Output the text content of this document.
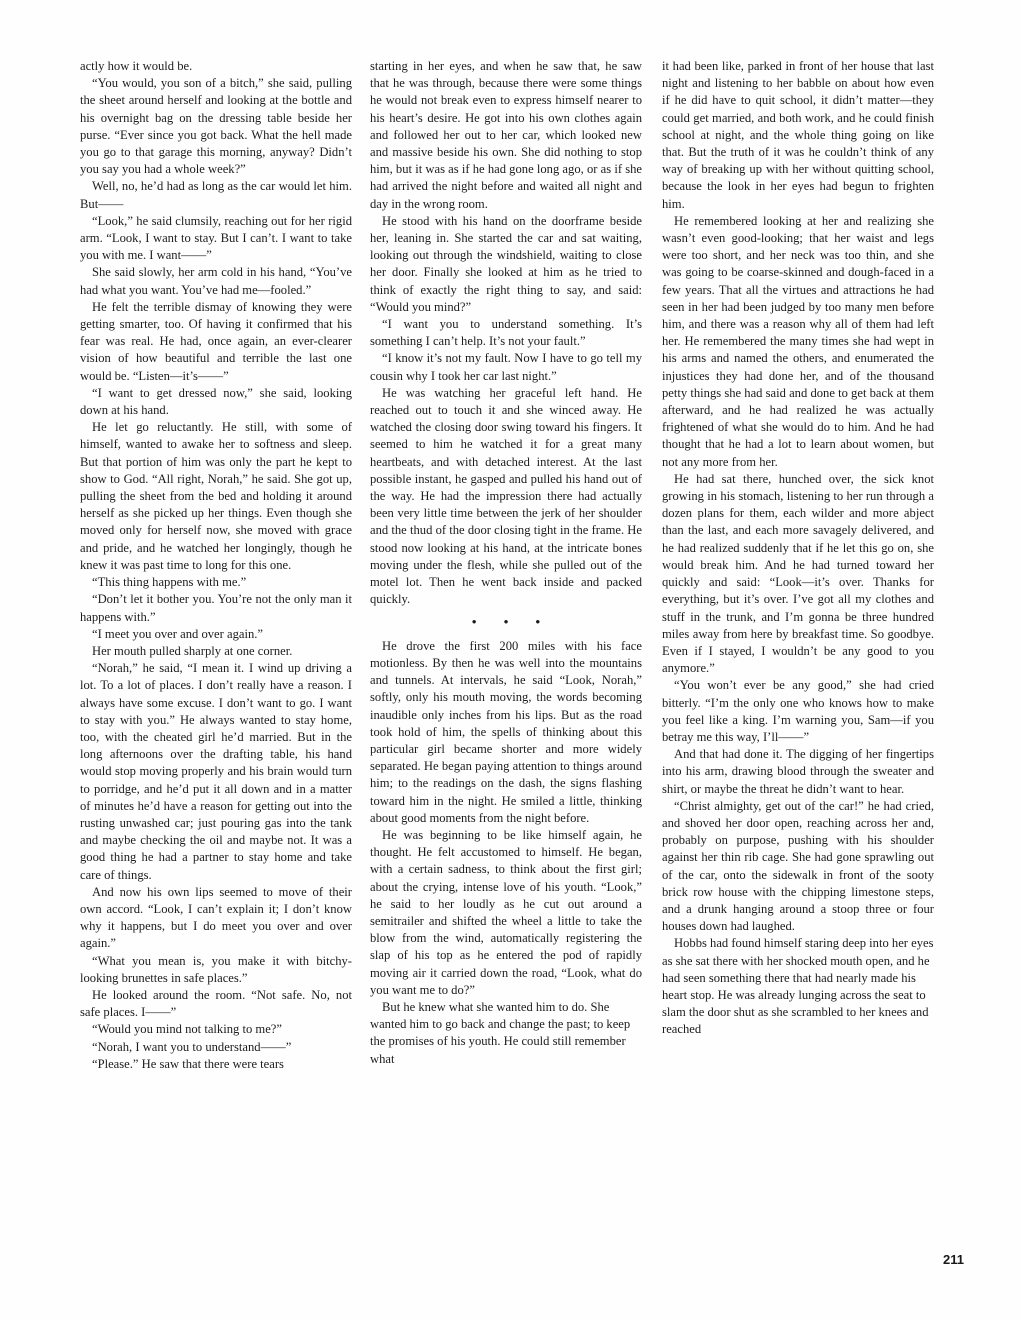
actly how it would be.

“You would, you son of a bitch,” she said, pulling the sheet around herself and looking at the bottle and his overnight bag on the dressing table beside her purse. “Ever since you got back. What the hell made you go to that garage this morning, anyway? Didn’t you say you had a whole week?”

Well, no, he’d had as long as the car would let him. But——

“Look,” he said clumsily, reaching out for her rigid arm. “Look, I want to stay. But I can’t. I want to take you with me. I want——”

She said slowly, her arm cold in his hand, “You’ve had what you want. You’ve had me—fooled.”

He felt the terrible dismay of knowing they were getting smarter, too. Of having it confirmed that his fear was real. He had, once again, an ever-clearer vision of how beautiful and terrible the last one would be. “Listen—it’s——”

“I want to get dressed now,” she said, looking down at his hand.

He let go reluctantly. He still, with some of himself, wanted to awake her to softness and sleep. But that portion of him was only the part he kept to show to God. “All right, Norah,” he said. She got up, pulling the sheet from the bed and holding it around herself as she picked up her things. Even though she moved only for herself now, she moved with grace and pride, and he watched her longingly, though he knew it was past time to long for this one.

“This thing happens with me.”

“Don’t let it bother you. You’re not the only man it happens with.”

“I meet you over and over again.”

Her mouth pulled sharply at one corner.

“Norah,” he said, “I mean it. I wind up driving a lot. To a lot of places. I don’t really have a reason. I always have some excuse. I don’t want to go. I want to stay with you.” He always wanted to stay home, too, with the cheated girl he’d married. But in the long afternoons over the drafting table, his hand would stop moving properly and his brain would turn to porridge, and he’d put it all down and in a matter of minutes he’d have a reason for getting out into the rusting unwashed car; just pouring gas into the tank and maybe checking the oil and maybe not. It was a good thing he had a partner to stay home and take care of things.

And now his own lips seemed to move of their own accord. “Look, I can’t explain it; I don’t know why it happens, but I do meet you over and over again.”

“What you mean is, you make it with bitchy-looking brunettes in safe places.”

He looked around the room. “Not safe. No, not safe places. I——”

“Would you mind not talking to me?”

“Norah, I want you to understand——”

“Please.” He saw that there were tears

starting in her eyes, and when he saw that, he saw that he was through, because there were some things he would not break even to express himself nearer to his heart’s desire. He got into his own clothes again and followed her out to her car, which looked new and massive beside his own. She did nothing to stop him, but it was as if he had gone long ago, or as if she had arrived the night before and waited all night and day in the wrong room.

He stood with his hand on the doorframe beside her, leaning in. She started the car and sat waiting, looking out through the windshield, waiting to close her door. Finally she looked at him as he tried to think of exactly the right thing to say, and said: “Would you mind?”

“I want you to understand something. It’s something I can’t help. It’s not your fault.”

“I know it’s not my fault. Now I have to go tell my cousin why I took her car last night.”

He was watching her graceful left hand. He reached out to touch it and she winced away. He watched the closing door swing toward his fingers. It seemed to him he watched it for a great many heartbeats, and with detached interest. At the last possible instant, he gasped and pulled his hand out of the way. He had the impression there had actually been very little time between the jerk of her shoulder and the thud of the door closing tight in the frame. He stood now looking at his hand, at the intricate bones moving under the flesh, while she pulled out of the motel lot. Then he went back inside and packed quickly.

• • •

He drove the first 200 miles with his face motionless. By then he was well into the mountains and tunnels. At intervals, he said “Look, Norah,” softly, only his mouth moving, the words becoming inaudible only inches from his lips. But as the road took hold of him, the spells of thinking about this particular girl became shorter and more widely separated. He began paying attention to things around him; to the readings on the dash, the signs flashing toward him in the night. He smiled a little, thinking about good moments from the night before.

He was beginning to be like himself again, he thought. He felt accustomed to himself. He began, with a certain sadness, to think about the first girl; about the crying, intense love of his youth. “Look,” he said to her loudly as he cut out around a semitrailer and shifted the wheel a little to take the blow from the wind, automatically registering the slap of his top as he entered the pod of rapidly moving air it carried down the road, “Look, what do you want me to do?”

But he knew what she wanted him to do. She wanted him to go back and change the past; to keep the promises of his youth. He could still remember what

it had been like, parked in front of her house that last night and listening to her babble on about how even if he did have to quit school, it didn’t matter—they could get married, and both work, and he could finish school at night, and the whole thing going on like that. But the truth of it was he couldn’t think of any way of breaking up with her without quitting school, because the look in her eyes had begun to frighten him.

He remembered looking at her and realizing she wasn’t even good-looking; that her waist and legs were too short, and her neck was too thin, and she was going to be coarse-skinned and dough-faced in a few years. That all the virtues and attractions he had seen in her had been judged by too many men before him, and there was a reason why all of them had left her. He remembered the many times she had wept in his arms and named the others, and enumerated the injustices they had done her, and of the thousand petty things she had said and done to get back at them afterward, and he had realized he was actually frightened of what she would do to him. And he had thought that he had a lot to learn about women, but not any more from her.

He had sat there, hunched over, the sick knot growing in his stomach, listening to her run through a dozen plans for them, each wilder and more abject than the last, and each more savagely delivered, and he had realized suddenly that if he let this go on, she would break him. And he had turned toward her quickly and said: “Look—it’s over. Thanks for everything, but it’s over. I’ve got all my clothes and stuff in the trunk, and I’m gonna be three hundred miles away from here by breakfast time. So goodbye. Even if I stayed, I wouldn’t be any good to you anymore.”

“You won’t ever be any good,” she had cried bitterly. “I’m the only one who knows how to make you feel like a king. I’m warning you, Sam—if you betray me this way, I’ll——”

And that had done it. The digging of her fingertips into his arm, drawing blood through the sweater and shirt, or maybe the threat he didn’t want to hear.

“Christ almighty, get out of the car!” he had cried, and shoved her door open, reaching across her and, probably on purpose, pushing with his shoulder against her thin rib cage. She had gone sprawling out of the car, onto the sidewalk in front of the sooty brick row house with the chipping limestone steps, and a drunk hanging around a stoop three or four houses down had laughed.

Hobbs had found himself staring deep into her eyes as she sat there with her shocked mouth open, and he had seen something there that had nearly made his heart stop. He was already lunging across the seat to slam the door shut as she scrambled to her knees and reached

211
